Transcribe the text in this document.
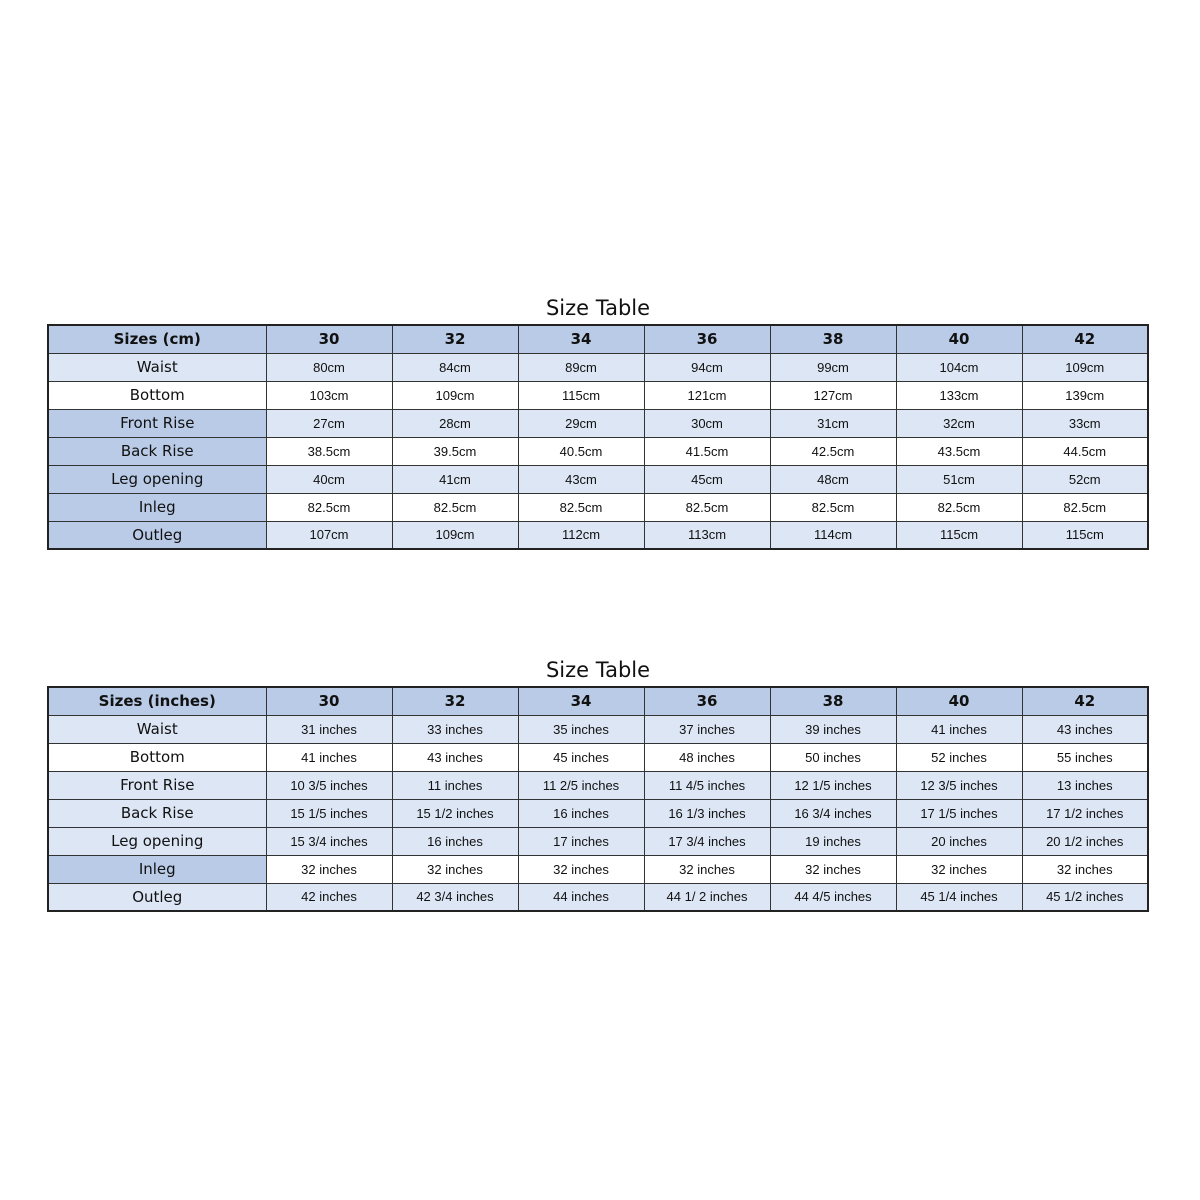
Size Table
Sizes (cm)	30	32	34	36	38	40	42
Waist	80cm	84cm	89cm	94cm	99cm	104cm	109cm
Bottom	103cm	109cm	115cm	121cm	127cm	133cm	139cm
Front Rise	27cm	28cm	29cm	30cm	31cm	32cm	33cm
Back Rise	38.5cm	39.5cm	40.5cm	41.5cm	42.5cm	43.5cm	44.5cm
Leg opening	40cm	41cm	43cm	45cm	48cm	51cm	52cm
Inleg	82.5cm	82.5cm	82.5cm	82.5cm	82.5cm	82.5cm	82.5cm
Outleg	107cm	109cm	112cm	113cm	114cm	115cm	115cm
Size Table
Sizes (inches)	30	32	34	36	38	40	42
Waist	31 inches	33 inches	35 inches	37 inches	39 inches	41 inches	43 inches
Bottom	41 inches	43 inches	45 inches	48 inches	50 inches	52 inches	55 inches
Front Rise	10 3/5 inches	11 inches	11 2/5 inches	11 4/5 inches	12 1/5 inches	12 3/5 inches	13 inches
Back Rise	15 1/5 inches	15 1/2 inches	16 inches	16 1/3 inches	16 3/4 inches	17 1/5 inches	17 1/2 inches
Leg opening	15 3/4 inches	16 inches	17 inches	17 3/4 inches	19 inches	20 inches	20 1/2 inches
Inleg	32 inches	32 inches	32 inches	32 inches	32 inches	32 inches	32 inches
Outleg	42 inches	42 3/4 inches	44 inches	44 1/ 2 inches	44 4/5 inches	45 1/4 inches	45 1/2 inches
